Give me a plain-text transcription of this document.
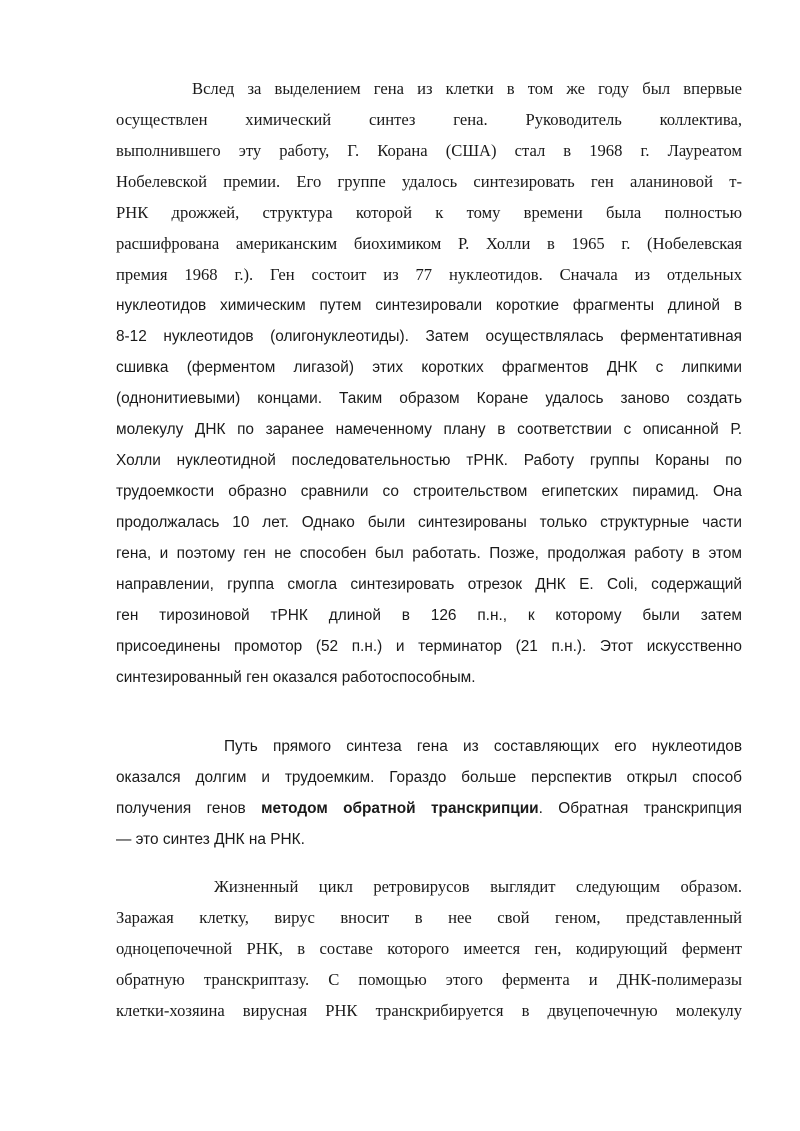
Вслед за выделением гена из клетки в том же году был впервые
осуществлен химический синтез гена. Руководитель коллектива,
выполнившего эту работу, Г. Корана (США) стал в 1968 г. Лауреатом
Нобелевской премии. Его группе удалось синтезировать ген аланиновой т-
РНК дрожжей, структура которой к тому времени была полностью
расшифрована американским биохимиком Р. Холли в 1965 г. (Нобелевская
премия 1968 г.). Ген состоит из 77 нуклеотидов. Сначала из отдельных
нуклеотидов химическим путем синтезировали короткие фрагменты длиной в
8-12 нуклеотидов (олигонуклеотиды). Затем осуществлялась ферментативная
сшивка (ферментом лигазой) этих коротких фрагментов ДНК с липкими
(однонитиевыми) концами. Таким образом Коране удалось заново создать
молекулу ДНК по заранее намеченному плану в соответствии с описанной Р.
Холли нуклеотидной последовательностью тРНК. Работу группы Кораны по
трудоемкости образно сравнили со строительством египетских пирамид. Она
продолжалась 10 лет. Однако были синтезированы только структурные части
гена, и поэтому ген не способен был работать. Позже, продолжая работу в этом
направлении, группа смогла синтезировать отрезок ДНК E. Coli, содержащий
ген тирозиновой тРНК длиной в 126 п.н., к которому были затем
присоединены промотор (52 п.н.) и терминатор (21 п.н.). Этот искусственно
синтезированный ген оказался работоспособным.
Путь прямого синтеза гена из составляющих его нуклеотидов
оказался долгим и трудоемким. Гораздо больше перспектив открыл способ
получения генов методом обратной транскрипции. Обратная транскрипция
— это синтез ДНК на РНК.
Жизненный цикл ретровирусов выглядит следующим образом.
Заражая клетку, вирус вносит в нее свой геном, представленный
одноцепочечной РНК, в составе которого имеется ген, кодирующий фермент
обратную транскриптазу. С помощью этого фермента и ДНК-полимеразы
клетки-хозяина вирусная РНК транскрибируется в двуцепочечную молекулу
